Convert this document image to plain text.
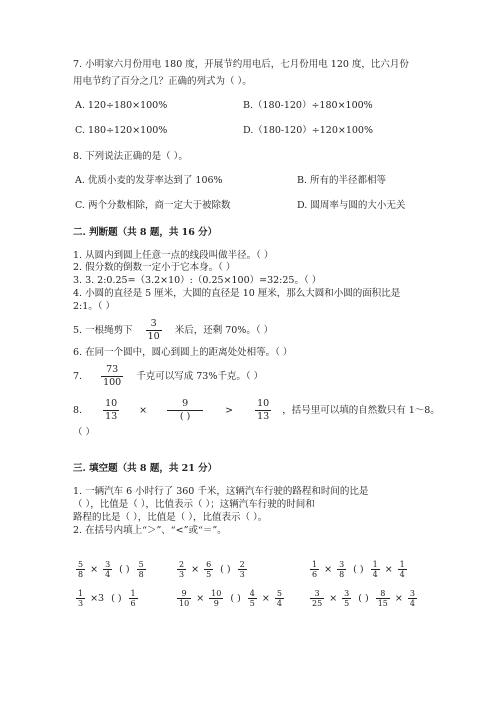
7. 小明家六月份用电 180 度，开展节约用电后，七月份用电 120 度，比六月份
用电节约了百分之几？正确的列式为（ ）。
A. 120÷180×100%	B.（180-120）÷180×100%
C. 180÷120×100%	D.（180-120）÷120×100%
8. 下列说法正确的是（ ）。
A. 优质小麦的发芽率达到了 106%	B. 所有的半径都相等
C. 两个分数相除，商一定大于被除数	D. 圆周率与圆的大小无关
二. 判断题（共 8 题，共 16 分）
1. 从圆内到圆上任意一点的线段叫做半径。（ ）
2. 假分数的倒数一定小于它本身。（ ）
3. 3. 2:0.25=（3.2×10）:（0.25×100）=32:25。（ ）
4. 小圆的直径是 5 厘米，大圆的直径是 10 厘米，那么大圆和小圆的面积比是
2:1。（ ）
5. 一根绳剪下 $\frac{3}{10}$ 米后，还剩 70%。（ ）
6. 在同一个圆中，圆心到圆上的距离处处相等。（ ）
7. $\frac{73}{100}$ 千克可以写成 73%千克。（ ）
8. $\frac{10}{13} \times \frac{9}{( )} > \frac{10}{13}$ ，括号里可以填的自然数只有 1～8。
（ ）
三. 填空题（共 8 题，共 21 分）
1. 一辆汽车 6 小时行了 360 千米，这辆汽车行驶的路程和时间的比是
（ ），比值是（ ），比值表示（ ）；这辆汽车行驶的时间和
路程的比是（ ），比值是（ ），比值表示（ ）。
2. 在括号内填上“＞”、“<”或“＝”。
$\frac{5}{8} \times \frac{3}{4}$ ( ) $\frac{5}{8}$	$\frac{2}{3} \times \frac{6}{5}$ ( ) $\frac{2}{3}$	$\frac{1}{6} \times \frac{3}{8}$ ( ) $\frac{1}{4} \times \frac{1}{4}$
$\frac{1}{3} \times 3$ ( ) $\frac{1}{6}$	$\frac{9}{10} \times \frac{10}{9}$ ( ) $\frac{4}{5} \times \frac{5}{4}$	$\frac{3}{25} \times \frac{3}{5}$ ( ) $\frac{8}{15} \times \frac{3}{4}$
